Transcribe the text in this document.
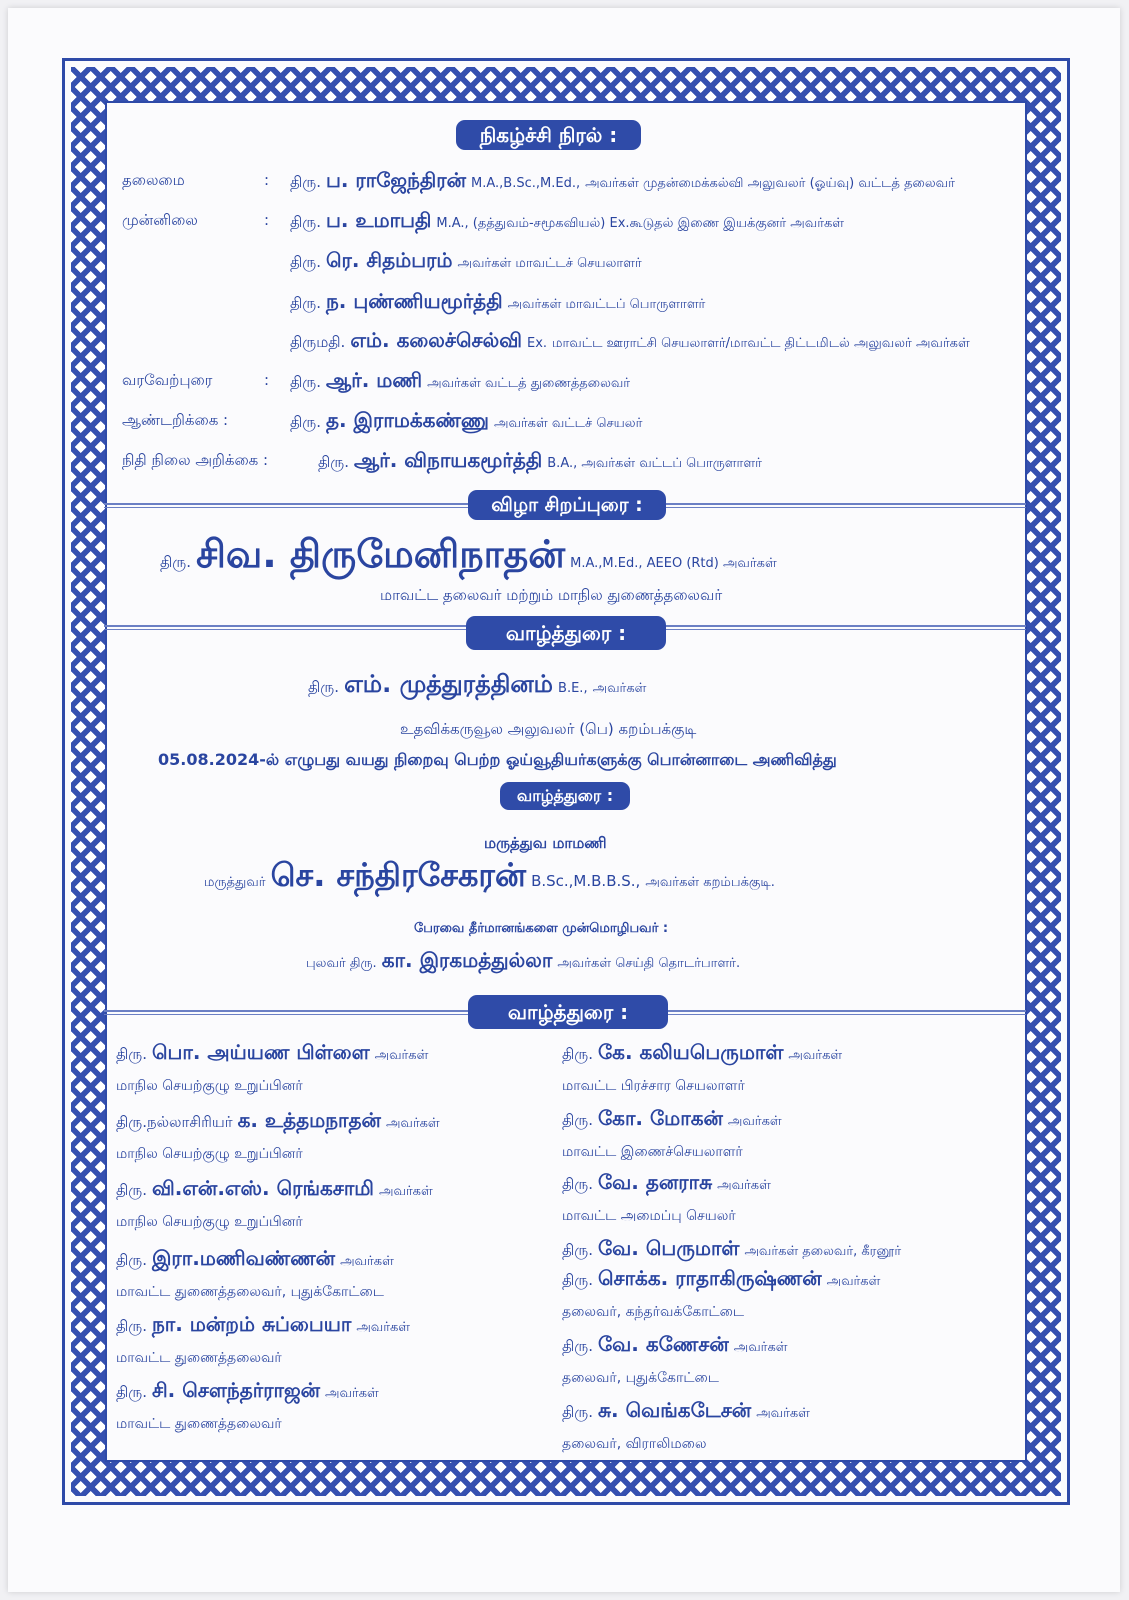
நிகழ்ச்சி நிரல் :
தலைமை	: திரு. ப. ராஜேந்திரன் M.A.,B.Sc.,M.Ed., அவர்கள் முதன்மைக்கல்வி அலுவலர் (ஓய்வு) வட்டத் தலைவர்
முன்னிலை	: திரு. ப. உமாபதி M.A., (தத்துவம்-சமூகவியல்) Ex.கூடுதல் இணை இயக்குனர் அவர்கள்
திரு. ரெ. சிதம்பரம் அவர்கள் மாவட்டச் செயலாளர்
திரு. ந. புண்ணியமூர்த்தி அவர்கள் மாவட்டப் பொருளாளர்
திருமதி. எம். கலைச்செல்வி Ex. மாவட்ட ஊராட்சி செயலாளர்/மாவட்ட திட்டமிடல் அலுவலர் அவர்கள்
வரவேற்புரை	: திரு. ஆர். மணி அவர்கள் வட்டத் துணைத்தலைவர்
ஆண்டறிக்கை :	திரு. த. இராமக்கண்ணு அவர்கள் வட்டச் செயலர்
நிதி நிலை அறிக்கை :	திரு. ஆர். விநாயகமூர்த்தி B.A., அவர்கள் வட்டப் பொருளாளர்
விழா சிறப்புரை :
திரு. சிவ. திருமேனிநாதன் M.A.,M.Ed., AEEO (Rtd) அவர்கள்
மாவட்ட தலைவர் மற்றும் மாநில துணைத்தலைவர்
வாழ்த்துரை :
திரு. எம். முத்துரத்தினம் B.E., அவர்கள்
உதவிக்கருவூல அலுவலர் (பெ) கறம்பக்குடி
05.08.2024-ல் எழுபது வயது நிறைவு பெற்ற ஓய்வூதியர்களுக்கு பொன்னாடை அணிவித்து
வாழ்த்துரை :
மருத்துவ மாமணி
மருத்துவர் செ. சந்திரசேகரன் B.Sc.,M.B.B.S., அவர்கள் கறம்பக்குடி.
பேரவை தீர்மானங்களை முன்மொழிபவர் :
புலவர் திரு. கா. இரகமத்துல்லா அவர்கள் செய்தி தொடர்பாளர்.
வாழ்த்துரை :
திரு. பொ. அய்யண பிள்ளை அவர்கள்
மாநில செயற்குழு உறுப்பினர்
திரு.நல்லாசிரியர் க. உத்தமநாதன் அவர்கள்
மாநில செயற்குழு உறுப்பினர்
திரு. வி.என்.எஸ். ரெங்கசாமி அவர்கள்
மாநில செயற்குழு உறுப்பினர்
திரு. இரா.மணிவண்ணன் அவர்கள்
மாவட்ட துணைத்தலைவர், புதுக்கோட்டை
திரு. நா. மன்றம் சுப்பையா அவர்கள்
மாவட்ட துணைத்தலைவர்
திரு. சி. சௌந்தர்ராஜன் அவர்கள்
மாவட்ட துணைத்தலைவர்
திரு. கே. கலியபெருமாள் அவர்கள்
மாவட்ட பிரச்சார செயலாளர்
திரு. கோ. மோகன் அவர்கள்
மாவட்ட இணைச்செயலாளர்
திரு. வே. தனராசு அவர்கள்
மாவட்ட அமைப்பு செயலர்
திரு. வே. பெருமாள் அவர்கள் தலைவர், கீரனூர்
திரு. சொக்க. ராதாகிருஷ்ணன் அவர்கள்
தலைவர், கந்தர்வக்கோட்டை
திரு. வே. கணேசன் அவர்கள்
தலைவர், புதுக்கோட்டை
திரு. சு. வெங்கடேசன் அவர்கள்
தலைவர், விராலிமலை
